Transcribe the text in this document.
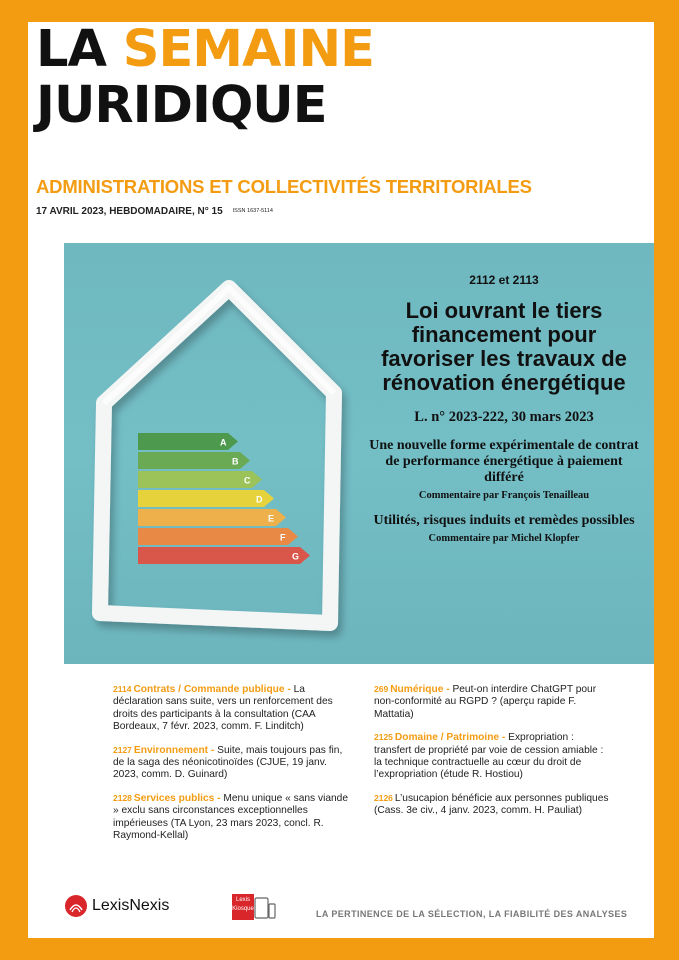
LA SEMAINE
JURIDIQUE
ADMINISTRATIONS ET COLLECTIVITÉS TERRITORIALES
17 AVRIL 2023, HEBDOMADAIRE, N° 15 ISSN 1637-5114
A
B
C
D
E
F
G
2112 et 2113
Loi ouvrant le tiers financement pour favoriser les travaux de rénovation énergétique
L. n° 2023-222, 30 mars 2023
Une nouvelle forme expérimentale de contrat de performance énergétique à paiement différé
Commentaire par François Tenailleau
Utilités, risques induits et remèdes possibles
Commentaire par Michel Klopfer
2114 Contrats / Commande publique - La déclaration sans suite, vers un renforcement des droits des participants à la consultation (CAA Bordeaux, 7 févr. 2023, comm. F. Linditch)
2127 Environnement - Suite, mais toujours pas fin, de la saga des néonicotinoïdes (CJUE, 19 janv. 2023, comm. D. Guinard)
2128 Services publics - Menu unique « sans viande » exclu sans circonstances exceptionnelles impérieuses (TA Lyon, 23 mars 2023, concl. R. Raymond-Kellal)
269 Numérique - Peut-on interdire ChatGPT pour non-conformité au RGPD ? (aperçu rapide F. Mattatia)
2125 Domaine / Patrimoine - Expropriation : transfert de propriété par voie de cession amiable : la technique contractuelle au cœur du droit de l’expropriation (étude R. Hostiou)
2126 L’usucapion bénéficie aux personnes publiques (Cass. 3e civ., 4 janv. 2023, comm. H. Pauliat)
LexisNexis	Lexis
Kiosque	LA PERTINENCE DE LA SÉLECTION, LA FIABILITÉ DES ANALYSES
